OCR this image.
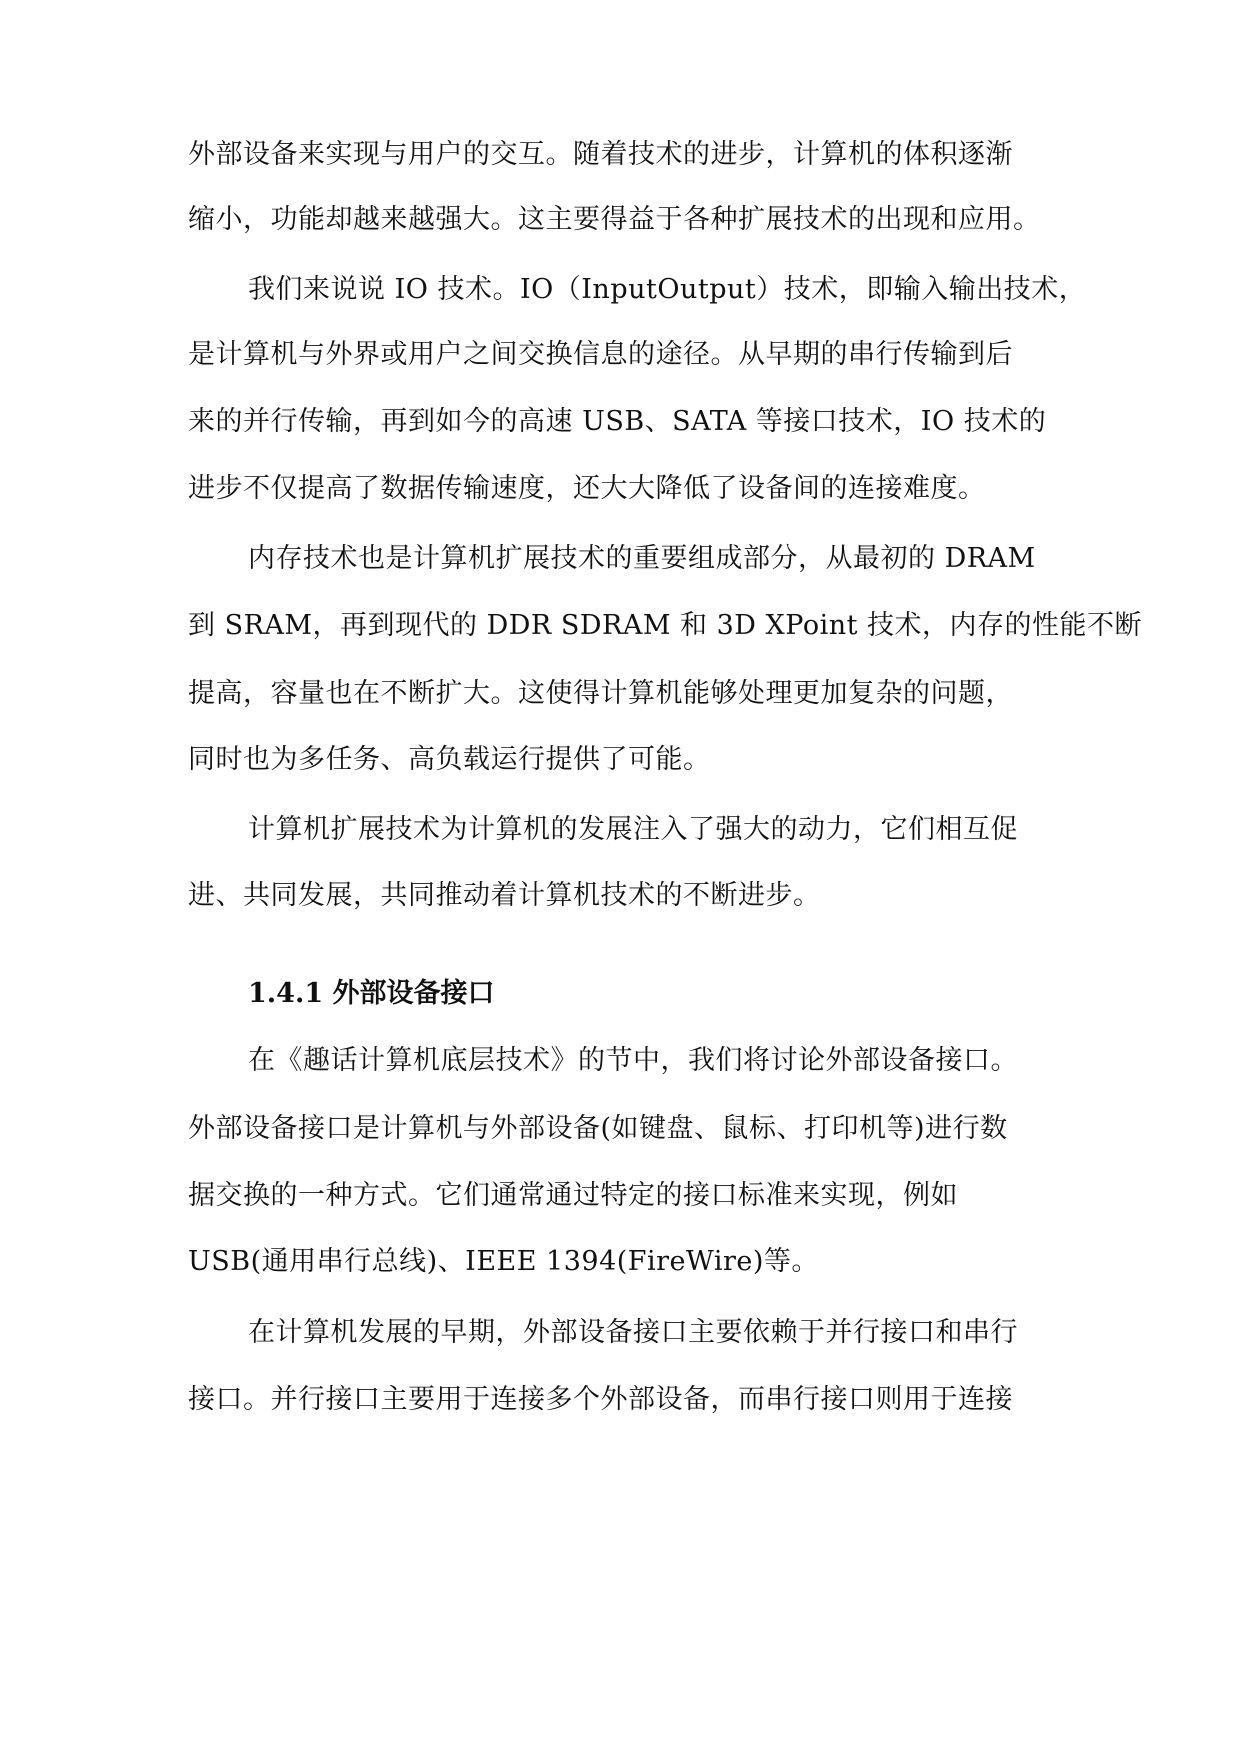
外部设备来实现与用户的交互。随着技术的进步，计算机的体积逐渐
缩小，功能却越来越强大。这主要得益于各种扩展技术的出现和应用。
我们来说说 IO 技术。IO（InputOutput）技术，即输入输出技术，
是计算机与外界或用户之间交换信息的途径。从早期的串行传输到后
来的并行传输，再到如今的高速 USB、SATA 等接口技术，IO 技术的
进步不仅提高了数据传输速度，还大大降低了设备间的连接难度。
内存技术也是计算机扩展技术的重要组成部分，从最初的 DRAM
到 SRAM，再到现代的 DDR SDRAM 和 3D XPoint 技术，内存的性能不断
提高，容量也在不断扩大。这使得计算机能够处理更加复杂的问题，
同时也为多任务、高负载运行提供了可能。
计算机扩展技术为计算机的发展注入了强大的动力，它们相互促
进、共同发展，共同推动着计算机技术的不断进步。
1.4.1 外部设备接口
在《趣话计算机底层技术》的节中，我们将讨论外部设备接口。
外部设备接口是计算机与外部设备(如键盘、鼠标、打印机等)进行数
据交换的一种方式。它们通常通过特定的接口标准来实现，例如
USB(通用串行总线)、IEEE 1394(FireWire)等。
在计算机发展的早期，外部设备接口主要依赖于并行接口和串行
接口。并行接口主要用于连接多个外部设备，而串行接口则用于连接
